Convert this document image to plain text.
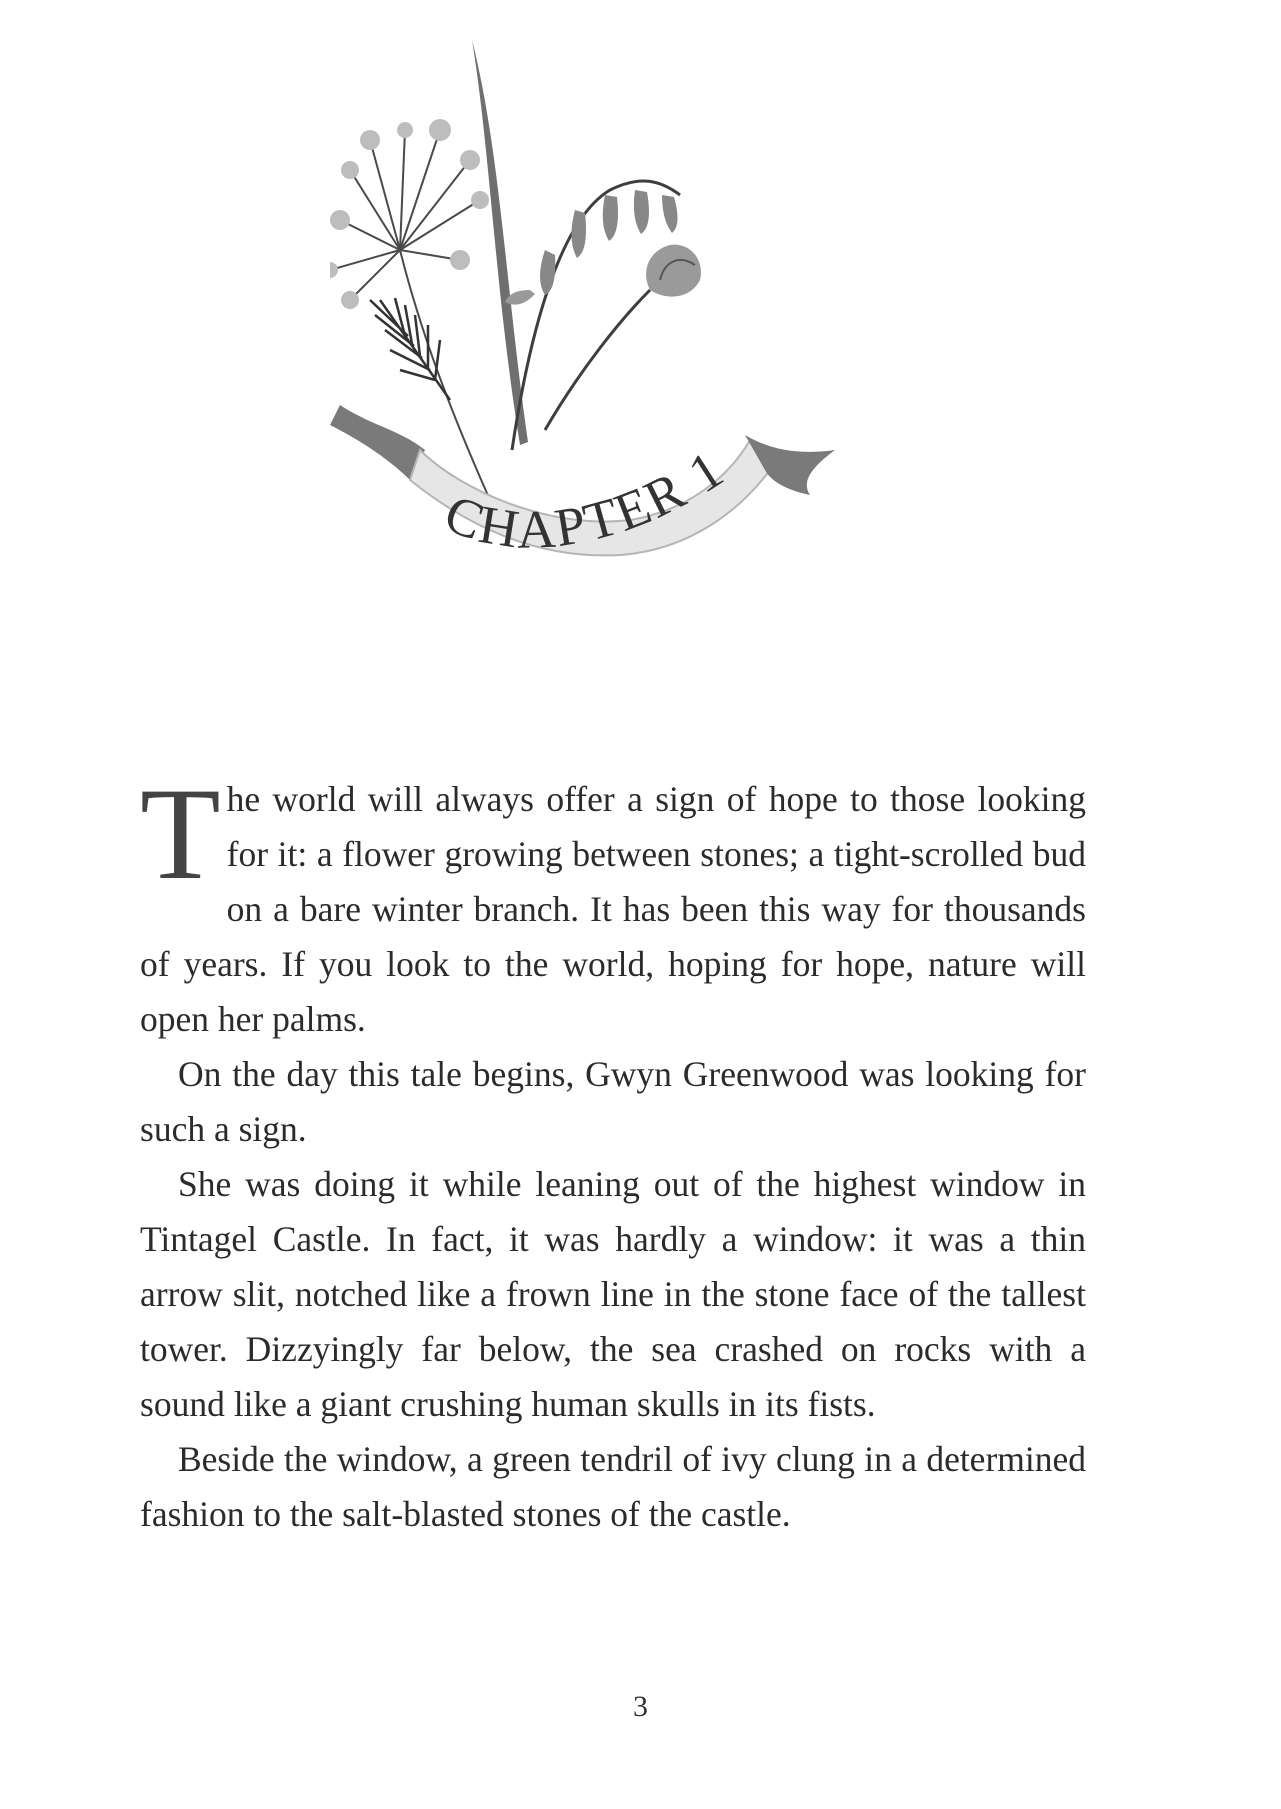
CHAPTER 1

The world will always offer a sign of hope to those looking for it: a flower growing between stones; a tight-scrolled bud on a bare winter branch. It has been this way for thousands of years. If you look to the world, hoping for hope, nature will open her palms.

On the day this tale begins, Gwyn Greenwood was looking for such a sign.

She was doing it while leaning out of the highest window in Tintagel Castle. In fact, it was hardly a window: it was a thin arrow slit, notched like a frown line in the stone face of the tallest tower. Dizzyingly far below, the sea crashed on rocks with a sound like a giant crushing human skulls in its fists.

Beside the window, a green tendril of ivy clung in a determined fashion to the salt-blasted stones of the castle.

3
